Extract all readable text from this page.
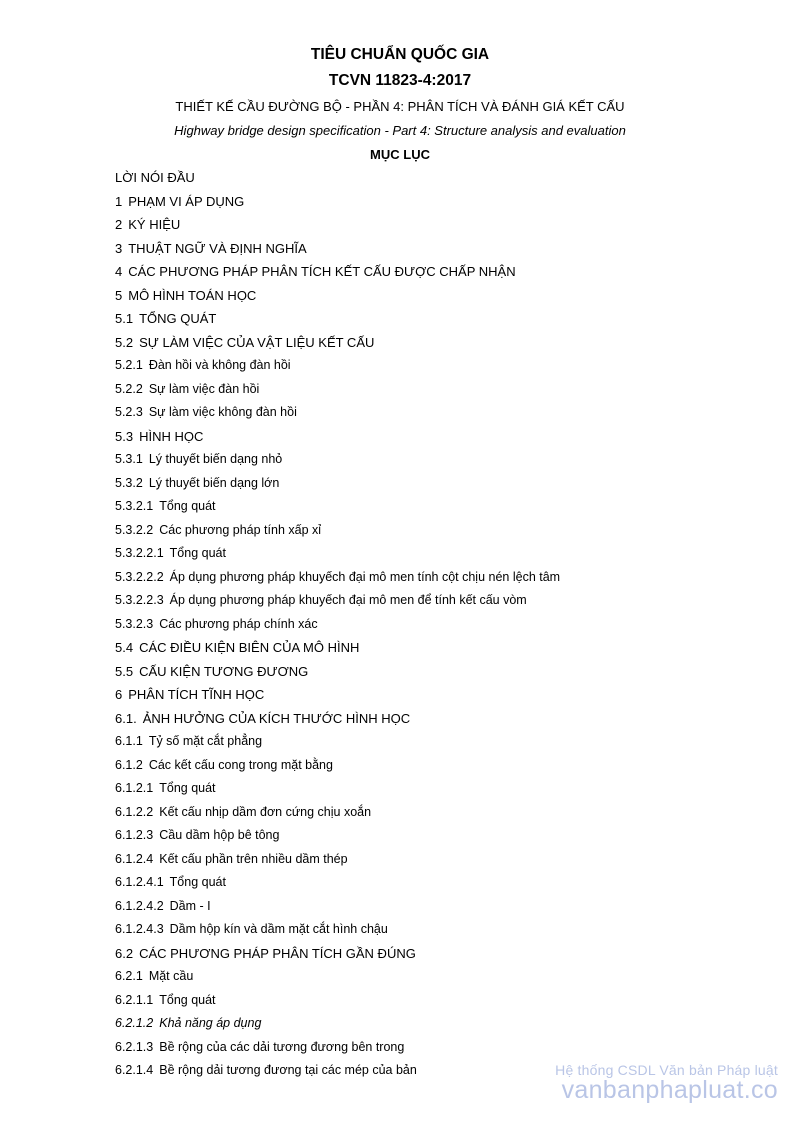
TIÊU CHUẨN QUỐC GIA
TCVN 11823-4:2017
THIẾT KẾ CẦU ĐƯỜNG BỘ - PHẦN 4: PHÂN TÍCH VÀ ĐÁNH GIÁ KẾT CẤU
Highway bridge design specification - Part 4: Structure analysis and evaluation
MỤC LỤC
LỜI NÓI ĐẦU
1 PHẠM VI ÁP DỤNG
2 KÝ HIỆU
3 THUẬT NGỮ VÀ ĐỊNH NGHĨA
4 CÁC PHƯƠNG PHÁP PHÂN TÍCH KẾT CẤU ĐƯỢC CHẤP NHẬN
5 MÔ HÌNH TOÁN HỌC
5.1 TỔNG QUÁT
5.2 SỰ LÀM VIỆC CỦA VẬT LIỆU KẾT CẤU
5.2.1 Đàn hồi và không đàn hồi
5.2.2 Sự làm việc đàn hồi
5.2.3 Sự làm việc không đàn hồi
5.3 HÌNH HỌC
5.3.1 Lý thuyết biến dạng nhỏ
5.3.2 Lý thuyết biến dạng lớn
5.3.2.1 Tổng quát
5.3.2.2 Các phương pháp tính xấp xỉ
5.3.2.2.1 Tổng quát
5.3.2.2.2 Áp dụng phương pháp khuyếch đại mô men tính cột chịu nén lệch tâm
5.3.2.2.3 Áp dụng phương pháp khuyếch đại mô men để tính kết cấu vòm
5.3.2.3 Các phương pháp chính xác
5.4 CÁC ĐIỀU KIỆN BIÊN CỦA MÔ HÌNH
5.5 CẤU KIỆN TƯƠNG ĐƯƠNG
6 PHÂN TÍCH TĨNH HỌC
6.1. ẢNH HƯỞNG CỦA KÍCH THƯỚC HÌNH HỌC
6.1.1 Tỷ số mặt cắt phẳng
6.1.2 Các kết cấu cong trong mặt bằng
6.1.2.1 Tổng quát
6.1.2.2 Kết cấu nhịp dầm đơn cứng chịu xoắn
6.1.2.3 Cầu dầm hộp bê tông
6.1.2.4 Kết cấu phần trên nhiều dầm thép
6.1.2.4.1 Tổng quát
6.1.2.4.2 Dầm - I
6.1.2.4.3 Dầm hộp kín và dầm mặt cắt hình chậu
6.2 CÁC PHƯƠNG PHÁP PHÂN TÍCH GẦN ĐÚNG
6.2.1 Mặt cầu
6.2.1.1 Tổng quát
6.2.1.2 Khả năng áp dụng
6.2.1.3 Bề rộng của các dải tương đương bên trong
6.2.1.4 Bề rộng dải tương đương tại các mép của bản	Hệ thống CSDL Văn bản Pháp luật
vanbanphapluat.co
